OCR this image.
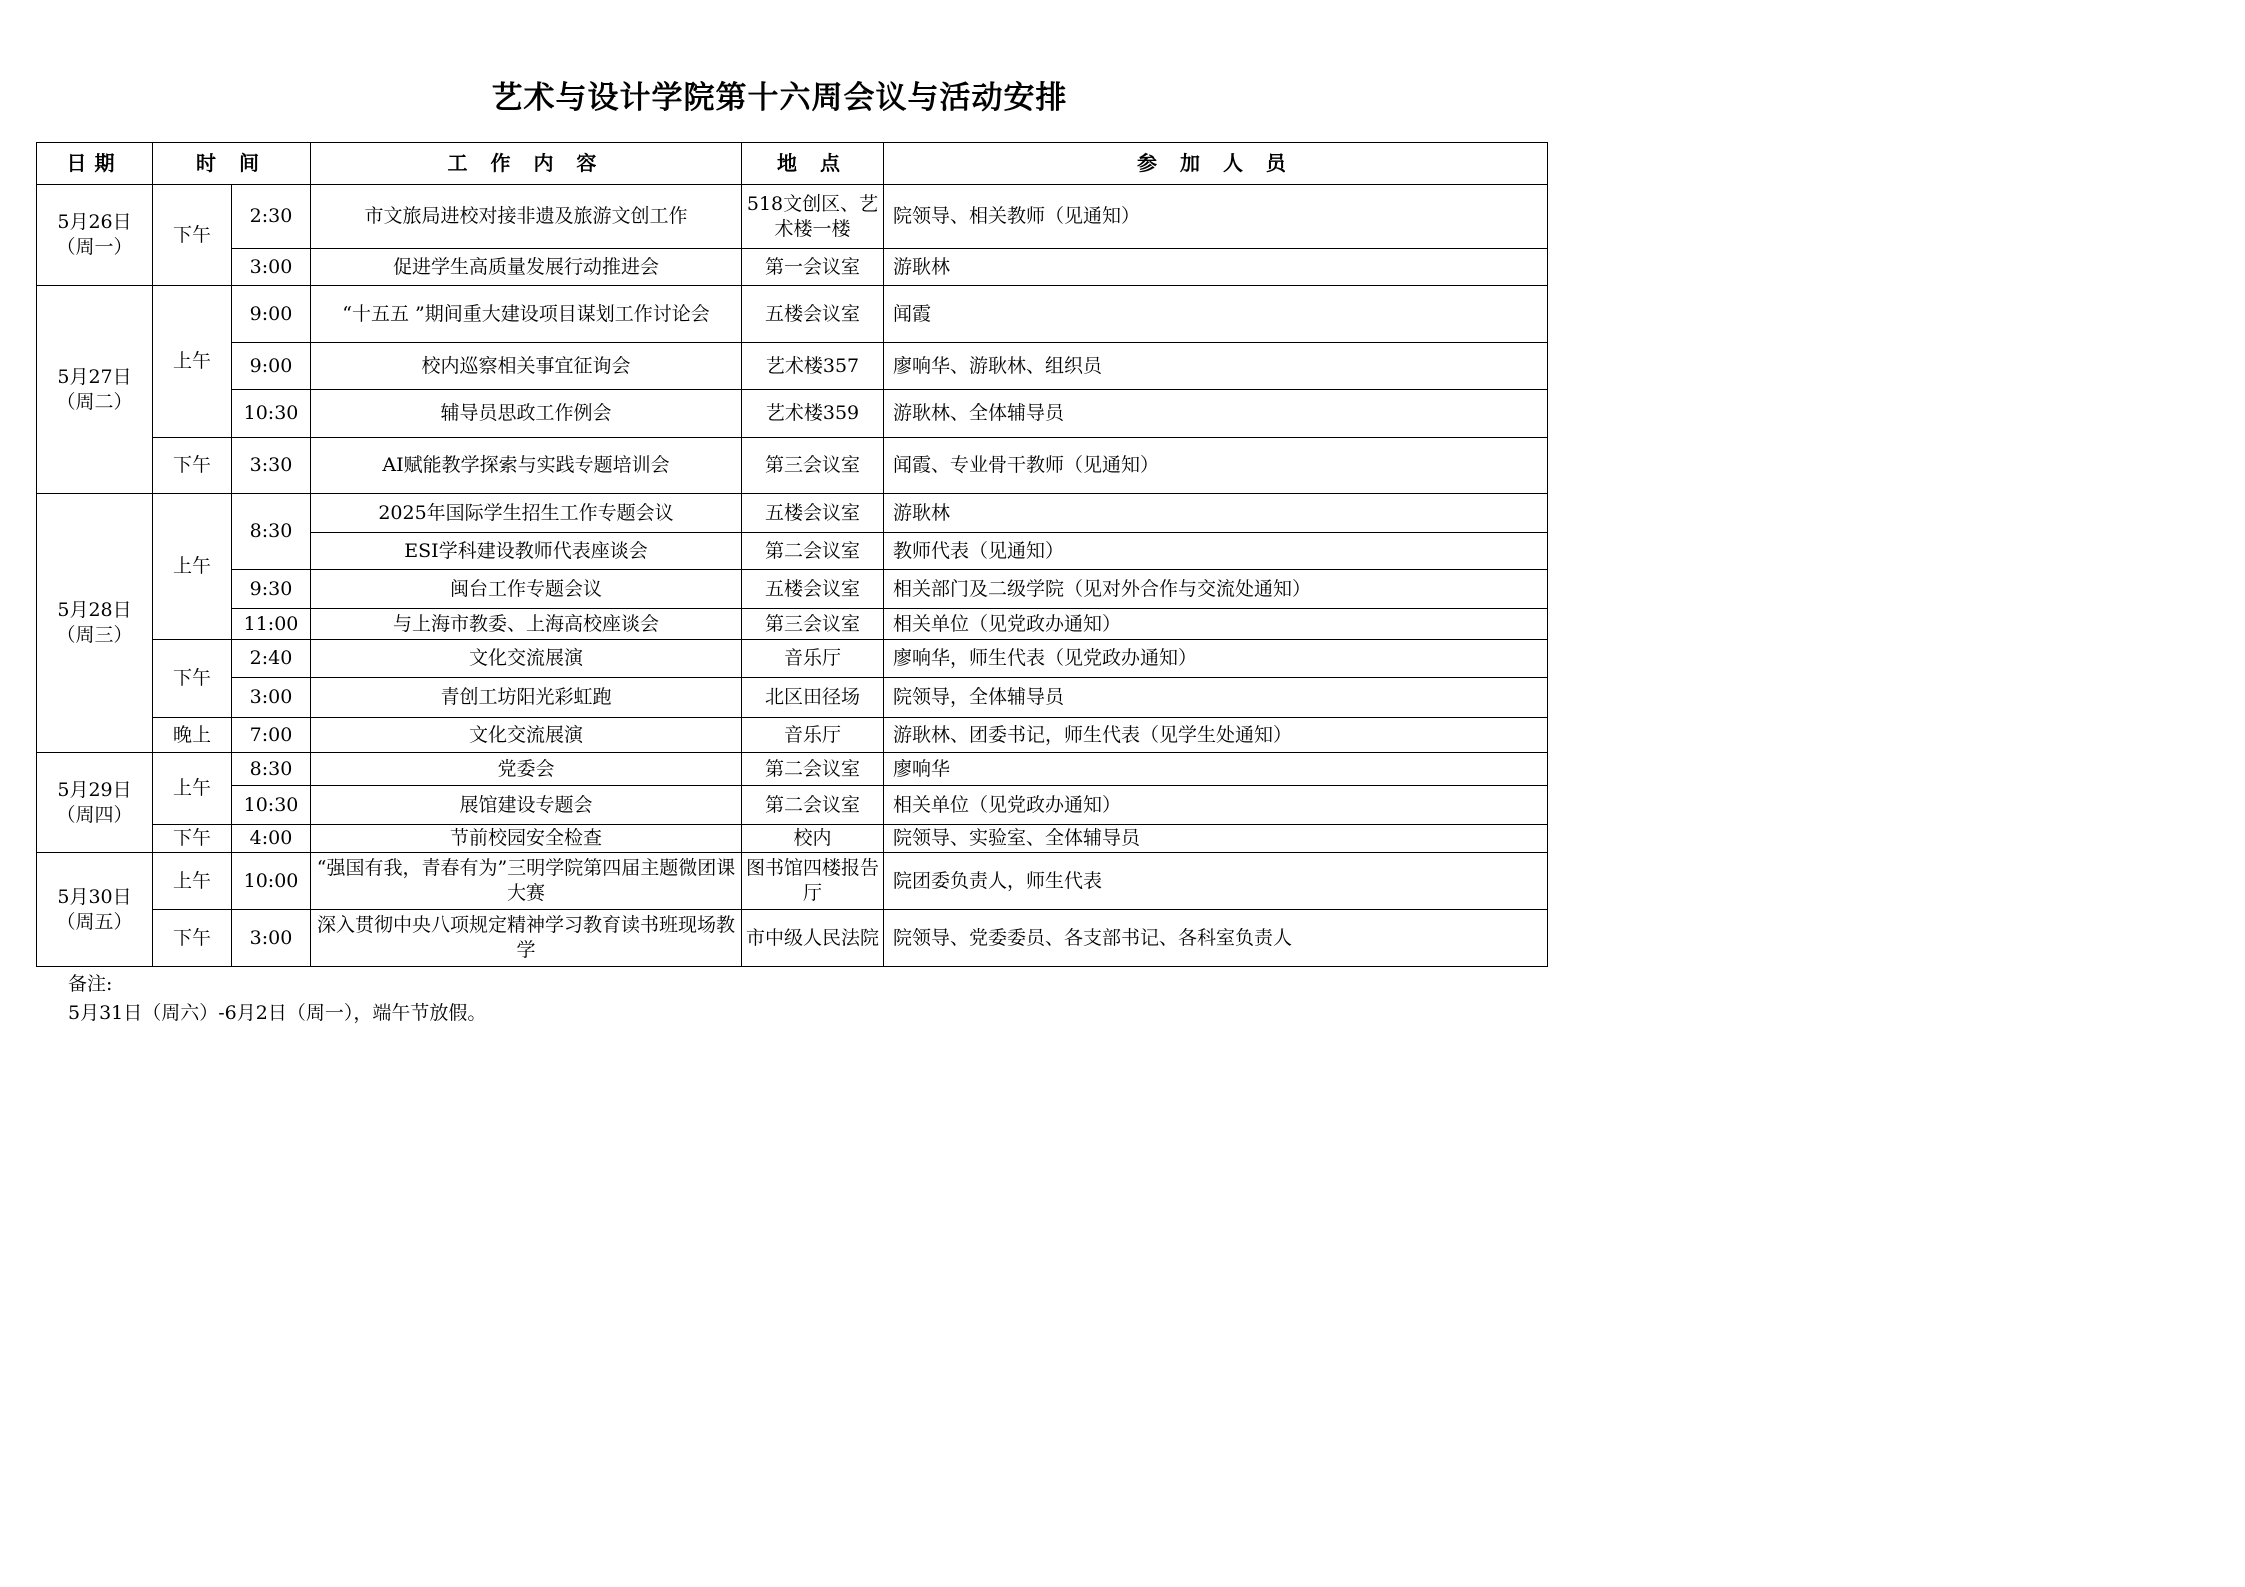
艺术与设计学院第十六周会议与活动安排
日期	时 间		工 作 内 容	地 点	参 加 人 员

5月26日
（周一）	下午	2:30	市文旅局进校对接非遗及旅游文创工作	518文创区、艺术楼一楼	院领导、相关教师（见通知）
		3:00	促进学生高质量发展行动推进会	第一会议室	游耿林

5月27日
（周二）	上午	9:00	“十五五 ”期间重大建设项目谋划工作讨论会	五楼会议室	闻霞
		9:00	校内巡察相关事宜征询会	艺术楼357	廖响华、游耿林、组织员
		10:30	辅导员思政工作例会	艺术楼359	游耿林、全体辅导员
	下午	3:30	AI赋能教学探索与实践专题培训会	第三会议室	闻霞、专业骨干教师（见通知）

5月28日
（周三）	上午	8:30	2025年国际学生招生工作专题会议	五楼会议室	游耿林
			ESI学科建设教师代表座谈会	第二会议室	教师代表（见通知）
		9:30	闽台工作专题会议	五楼会议室	相关部门及二级学院（见对外合作与交流处通知）
		11:00	与上海市教委、上海高校座谈会	第三会议室	相关单位（见党政办通知）
	下午	2:40	文化交流展演	音乐厅	廖响华，师生代表（见党政办通知）
		3:00	青创工坊阳光彩虹跑	北区田径场	院领导，全体辅导员
	晚上	7:00	文化交流展演	音乐厅	游耿林、团委书记，师生代表（见学生处通知）

5月29日
（周四）	上午	8:30	党委会	第二会议室	廖响华
		10:30	展馆建设专题会	第二会议室	相关单位（见党政办通知）
	下午	4:00	节前校园安全检查	校内	院领导、实验室、全体辅导员

5月30日
（周五）	上午	10:00	“强国有我，青春有为”三明学院第四届主题微团课大赛	图书馆四楼报告厅	院团委负责人，师生代表
	下午	3:00	深入贯彻中央八项规定精神学习教育读书班现场教学	市中级人民法院	院领导、党委委员、各支部书记、各科室负责人
备注:
5月31日（周六）-6月2日（周一），端午节放假。
